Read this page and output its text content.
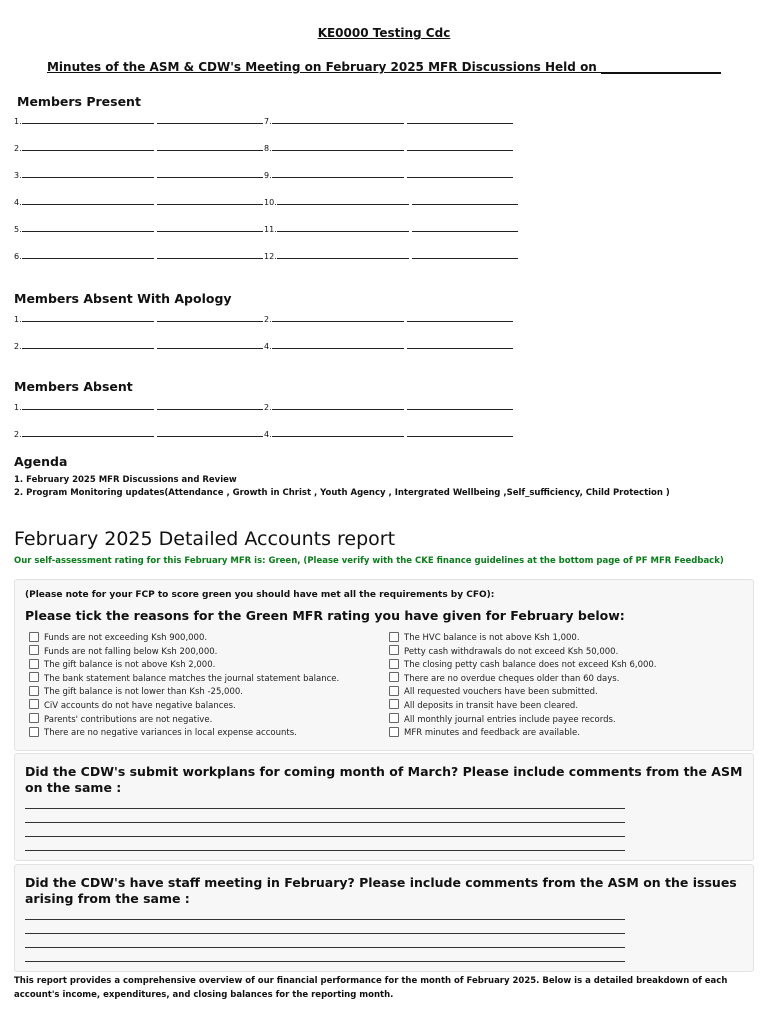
KE0000 Testing Cdc
Minutes of the ASM & CDW's Meeting on February 2025 MFR Discussions Held on ____________________
Members Present
1.
2.
3.
4.
5.
6.
7.
8.
9.
10.
11.
12.
Members Absent With Apology
1.
2.
2.
4.
Members Absent
1.
2.
2.
4.
Agenda
1. February 2025 MFR Discussions and Review
2. Program Monitoring updates(Attendance , Growth in Christ , Youth Agency , Intergrated Wellbeing ,Self_sufficiency, Child Protection )
February 2025 Detailed Accounts report
Our self-assessment rating for this February MFR is: Green, (Please verify with the CKE finance guidelines at the bottom page of PF MFR Feedback)
(Please note for your FCP to score green you should have met all the requirements by CFO):
Please tick the reasons for the Green MFR rating you have given for February below:
Funds are not exceeding Ksh 900,000.
Funds are not falling below Ksh 200,000.
The gift balance is not above Ksh 2,000.
The bank statement balance matches the journal statement balance.
The gift balance is not lower than Ksh -25,000.
CiV accounts do not have negative balances.
Parents' contributions are not negative.
There are no negative variances in local expense accounts.
The HVC balance is not above Ksh 1,000.
Petty cash withdrawals do not exceed Ksh 50,000.
The closing petty cash balance does not exceed Ksh 6,000.
There are no overdue cheques older than 60 days.
All requested vouchers have been submitted.
All deposits in transit have been cleared.
All monthly journal entries include payee records.
MFR minutes and feedback are available.
Did the CDW's submit workplans for coming month of March? Please include comments from the ASM on the same :
Did the CDW's have staff meeting in February? Please include comments from the ASM on the issues arising from the same :
This report provides a comprehensive overview of our financial performance for the month of February 2025. Below is a detailed breakdown of each account's income, expenditures, and closing balances for the reporting month.
